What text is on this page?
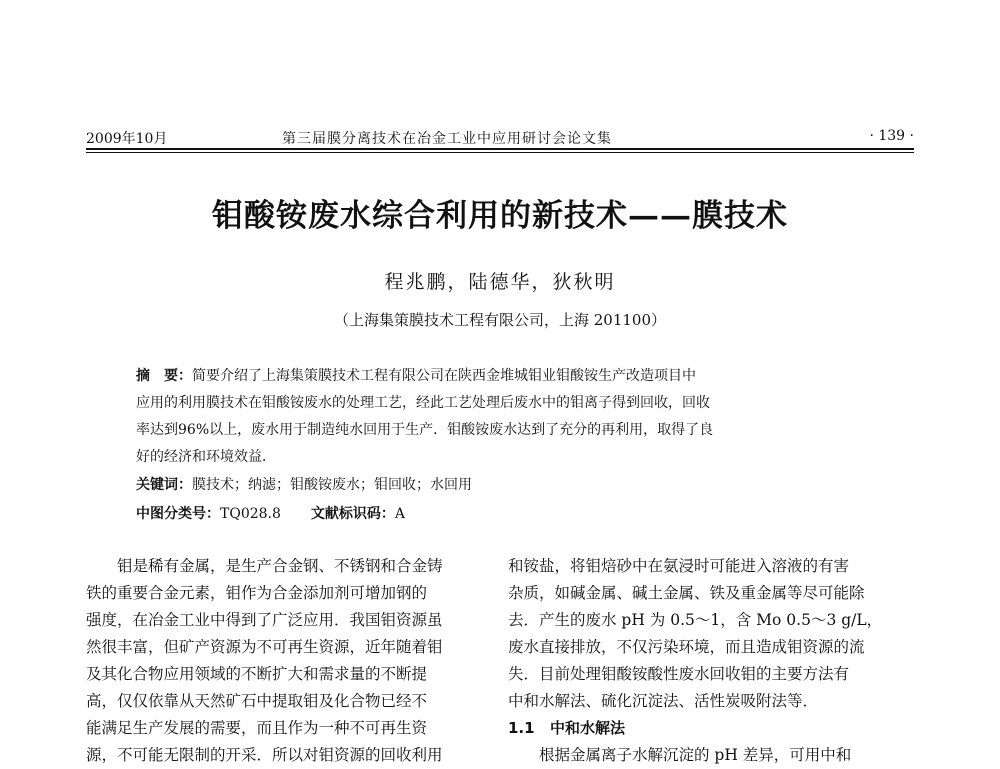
2009年10月	第三届膜分离技术在冶金工业中应用研讨会论文集	· 139 ·
钼酸铵废水综合利用的新技术——膜技术
程兆鹏，陆德华，狄秋明
（上海集策膜技术工程有限公司，上海 201100）

摘　要：简要介绍了上海集策膜技术工程有限公司在陕西金堆城钼业钼酸铵生产改造项目中

应用的利用膜技术在钼酸铵废水的处理工艺，经此工艺处理后废水中的钼离子得到回收，回收

率达到96%以上，废水用于制造纯水回用于生产．钼酸铵废水达到了充分的再利用，取得了良

好的经济和环境效益．

关键词：膜技术；纳滤；钼酸铵废水；钼回收；水回用
中图分类号：TQ028.8 文献标识码：A

钼是稀有金属，是生产合金钢、不锈钢和合金铸

铁的重要合金元素，钼作为合金添加剂可增加钢的

强度，在冶金工业中得到了广泛应用．我国钼资源虽

然很丰富，但矿产资源为不可再生资源，近年随着钼

及其化合物应用领域的不断扩大和需求量的不断提

高，仅仅依靠从天然矿石中提取钼及化合物已经不

能满足生产发展的需要，而且作为一种不可再生资

源，不可能无限制的开采．所以对钼资源的回收利用

和铵盐，将钼焙砂中在氨浸时可能进入溶液的有害

杂质，如碱金属、碱土金属、铁及重金属等尽可能除

去．产生的废水 pH 为 0.5～1，含 Mo 0.5～3 g/L，

废水直接排放，不仅污染环境，而且造成钼资源的流

失．目前处理钼酸铵酸性废水回收钼的主要方法有

中和水解法、硫化沉淀法、活性炭吸附法等．

1.1 中和水解法

根据金属离子水解沉淀的 pH 差异，可用中和
